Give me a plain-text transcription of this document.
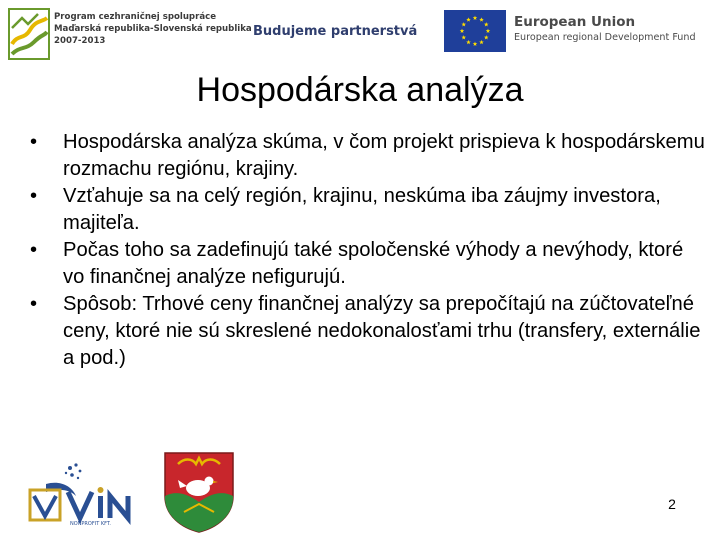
Program cezhraničnej spolupráce
Maďarská republika-Slovenská republika
2007-2013
Budujeme partnerstvá
European Union
European regional Development Fund
Hospodárska analýza
• Hospodárska analýza skúma, v čom projekt prispieva k hospodárskemu rozmachu regiónu, krajiny.
• Vzťahuje sa na celý región, krajinu, neskúma iba záujmy investora, majiteľa.
• Počas toho sa zadefinujú také spoločenské výhody a nevýhody, ktoré vo finančnej analýze nefigurujú.
• Spôsob: Trhové ceny finančnej analýzy sa prepočítajú na zúčtovateľné ceny, ktoré nie sú skreslené nedokonalosťami trhu (transfery, externálie a pod.)
NONPROFIT KFT.
2
